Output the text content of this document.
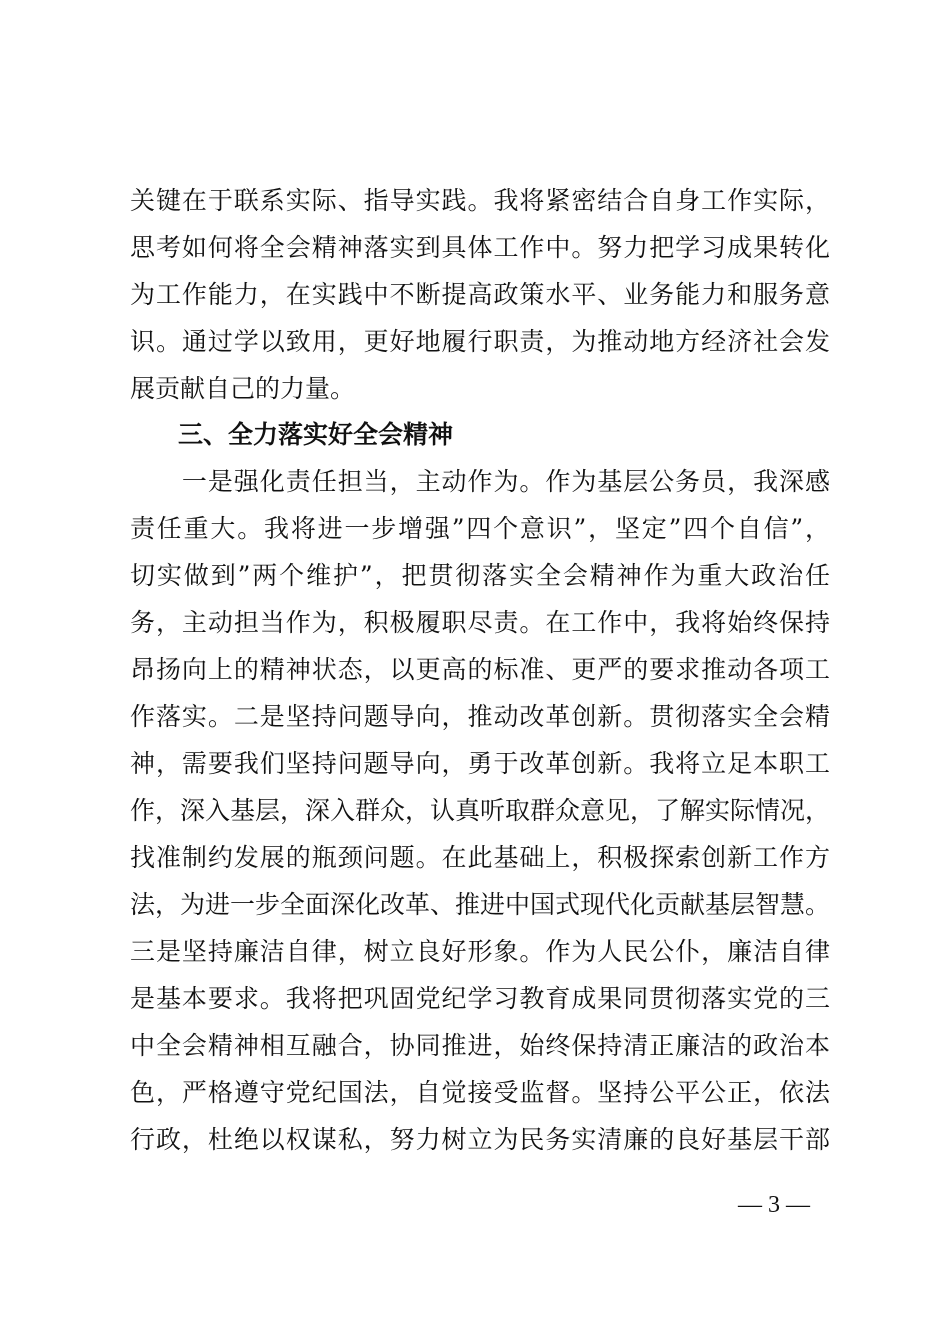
关键在于联系实际、指导实践。我将紧密结合自身工作实际，
思考如何将全会精神落实到具体工作中。努力把学习成果转化
为工作能力，在实践中不断提高政策水平、业务能力和服务意
识。通过学以致用，更好地履行职责，为推动地方经济社会发
展贡献自己的力量。
三、全力落实好全会精神
　　一是强化责任担当，主动作为。作为基层公务员，我深感
责任重大。我将进一步增强”四个意识”，坚定”四个自信”，
切实做到”两个维护”，把贯彻落实全会精神作为重大政治任
务，主动担当作为，积极履职尽责。在工作中，我将始终保持
昂扬向上的精神状态，以更高的标准、更严的要求推动各项工
作落实。二是坚持问题导向，推动改革创新。贯彻落实全会精
神，需要我们坚持问题导向，勇于改革创新。我将立足本职工
作，深入基层，深入群众，认真听取群众意见，了解实际情况，
找准制约发展的瓶颈问题。在此基础上，积极探索创新工作方
法，为进一步全面深化改革、推进中国式现代化贡献基层智慧。
三是坚持廉洁自律，树立良好形象。作为人民公仆，廉洁自律
是基本要求。我将把巩固党纪学习教育成果同贯彻落实党的三
中全会精神相互融合，协同推进，始终保持清正廉洁的政治本
色，严格遵守党纪国法，自觉接受监督。坚持公平公正，依法
行政，杜绝以权谋私，努力树立为民务实清廉的良好基层干部
— 3 —
